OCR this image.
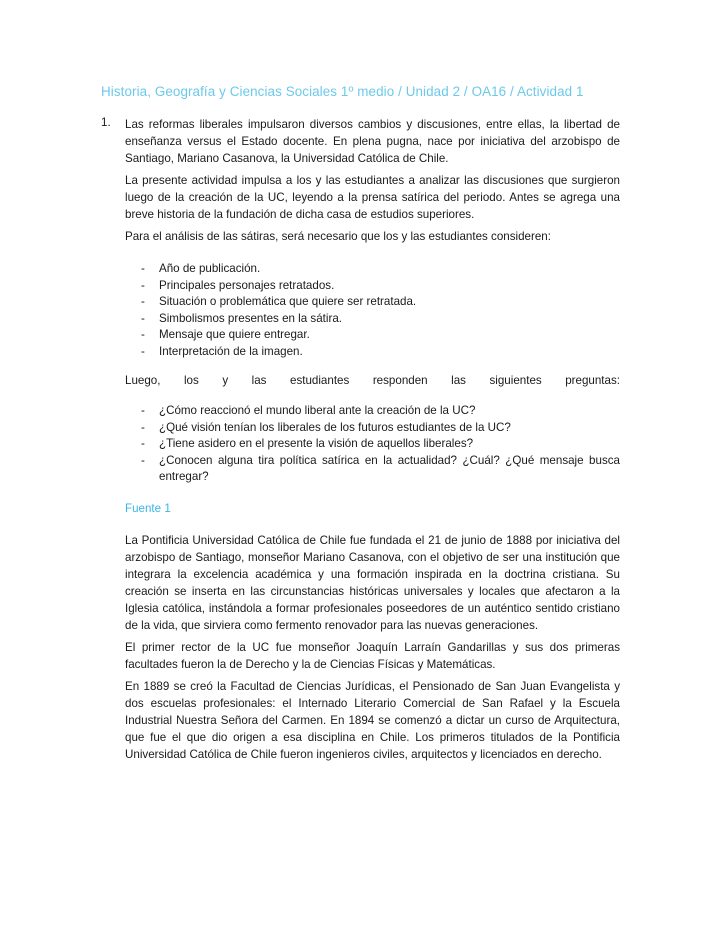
Historia, Geografía y Ciencias Sociales 1º medio / Unidad 2 / OA16 / Actividad 1
1. Las reformas liberales impulsaron diversos cambios y discusiones, entre ellas, la libertad de enseñanza versus el Estado docente. En plena pugna, nace por iniciativa del arzobispo de Santiago, Mariano Casanova, la Universidad Católica de Chile.

La presente actividad impulsa a los y las estudiantes a analizar las discusiones que surgieron luego de la creación de la UC, leyendo a la prensa satírica del periodo. Antes se agrega una breve historia de la fundación de dicha casa de estudios superiores.

Para el análisis de las sátiras, será necesario que los y las estudiantes consideren:

- Año de publicación.
- Principales personajes retratados.
- Situación o problemática que quiere ser retratada.
- Simbolismos presentes en la sátira.
- Mensaje que quiere entregar.
- Interpretación de la imagen.

Luego, los y las estudiantes responden las siguientes preguntas:

- ¿Cómo reaccionó el mundo liberal ante la creación de la UC?
- ¿Qué visión tenían los liberales de los futuros estudiantes de la UC?
- ¿Tiene asidero en el presente la visión de aquellos liberales?
- ¿Conocen alguna tira política satírica en la actualidad? ¿Cuál? ¿Qué mensaje busca entregar?
Fuente 1

La Pontificia Universidad Católica de Chile fue fundada el 21 de junio de 1888 por iniciativa del arzobispo de Santiago, monseñor Mariano Casanova, con el objetivo de ser una institución que integrara la excelencia académica y una formación inspirada en la doctrina cristiana. Su creación se inserta en las circunstancias históricas universales y locales que afectaron a la Iglesia católica, instándola a formar profesionales poseedores de un auténtico sentido cristiano de la vida, que sirviera como fermento renovador para las nuevas generaciones.

El primer rector de la UC fue monseñor Joaquín Larraín Gandarillas y sus dos primeras facultades fueron la de Derecho y la de Ciencias Físicas y Matemáticas.

En 1889 se creó la Facultad de Ciencias Jurídicas, el Pensionado de San Juan Evangelista y dos escuelas profesionales: el Internado Literario Comercial de San Rafael y la Escuela Industrial Nuestra Señora del Carmen. En 1894 se comenzó a dictar un curso de Arquitectura, que fue el que dio origen a esa disciplina en Chile. Los primeros titulados de la Pontificia Universidad Católica de Chile fueron ingenieros civiles, arquitectos y licenciados en derecho.
